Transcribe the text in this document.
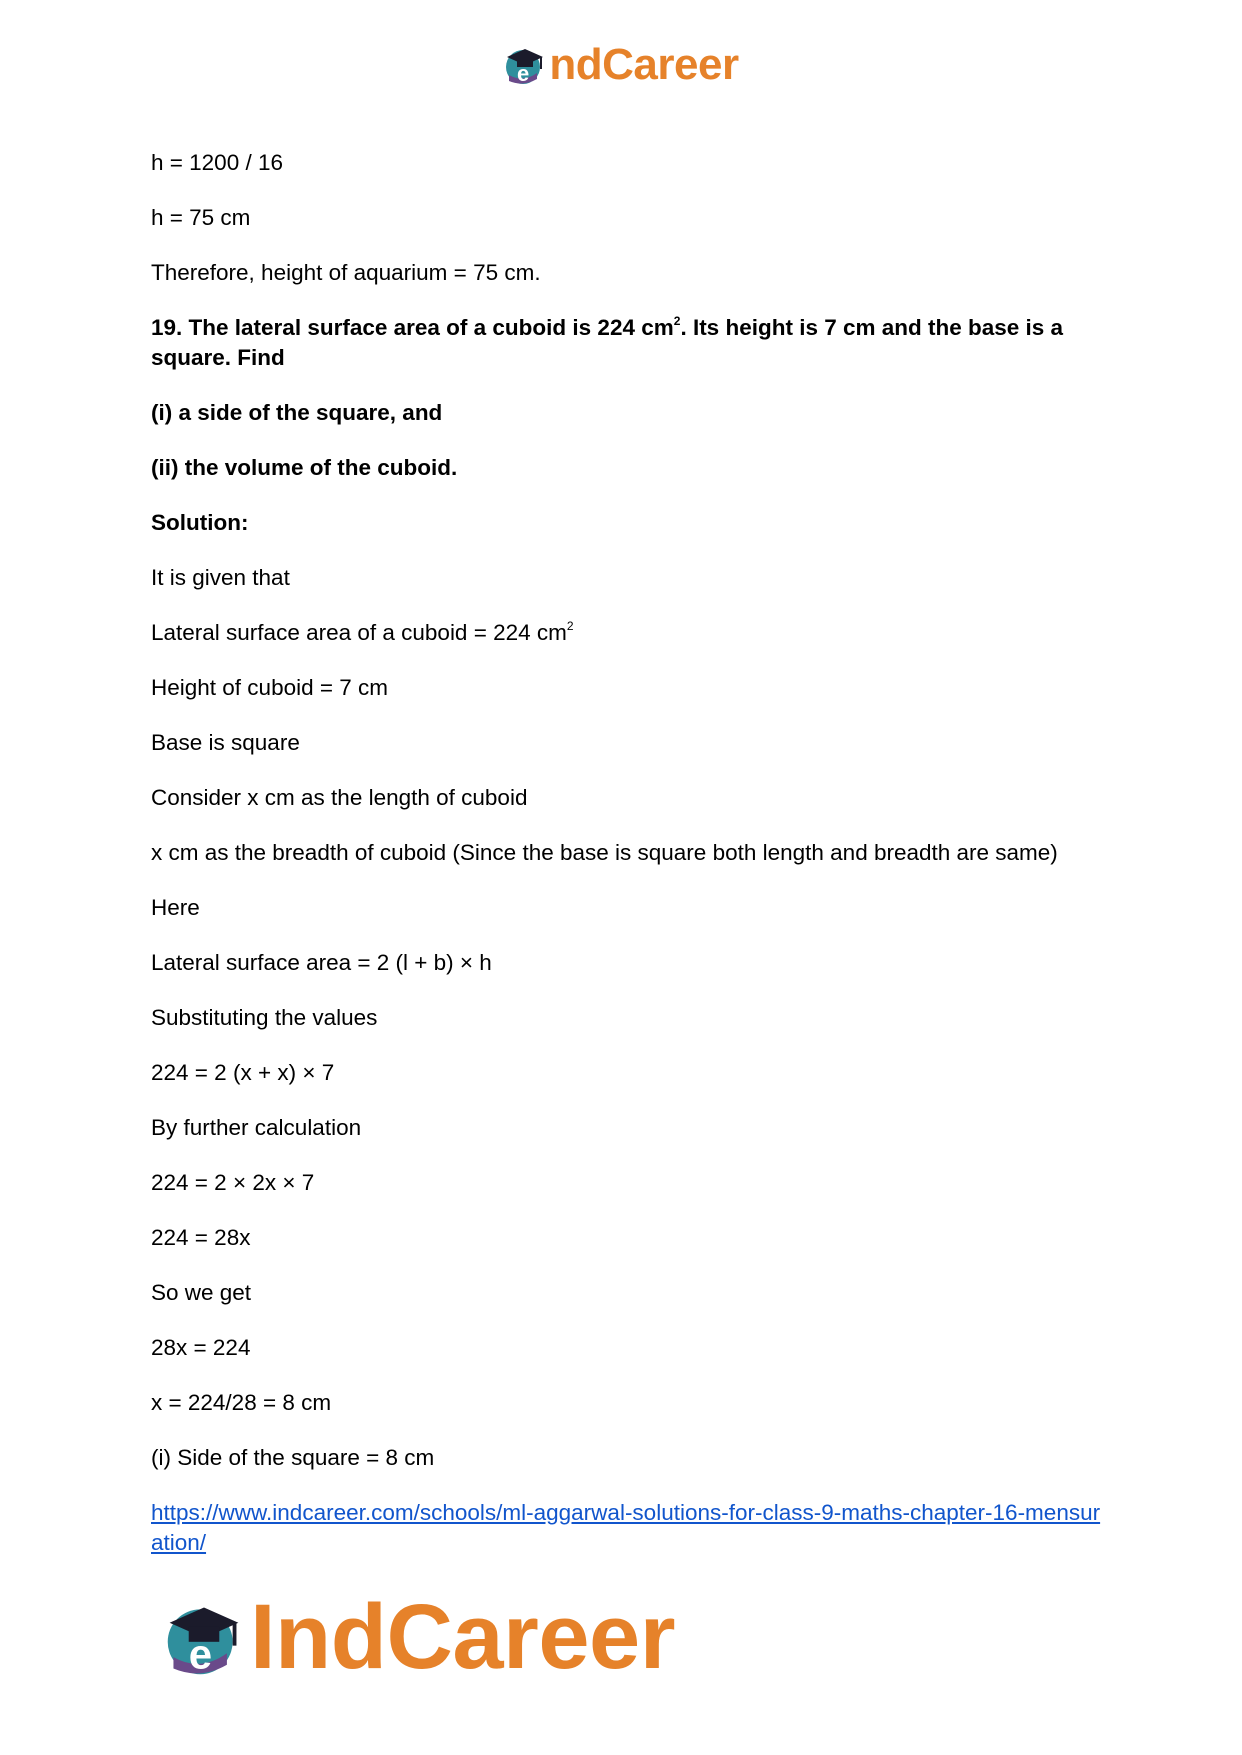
e ndCareer

h = 1200 / 16

h = 75 cm

Therefore, height of aquarium = 75 cm.

19. The lateral surface area of a cuboid is 224 $cm^2$. Its height is 7 cm and the base is a square. Find

(i) a side of the square, and

(ii) the volume of the cuboid.

Solution:

It is given that

Lateral surface area of a cuboid = 224 $cm^2$

Height of cuboid = 7 cm

Base is square

Consider x cm as the length of cuboid

x cm as the breadth of cuboid (Since the base is square both length and breadth are same)

Here

Lateral surface area = 2 (l + b) × h

Substituting the values

224 = 2 (x + x) × 7

By further calculation

224 = 2 × 2x × 7

224 = 28x

So we get

28x = 224

x = 224/28 = 8 cm

(i) Side of the square = 8 cm

https://www.indcareer.com/schools/ml-aggarwal-solutions-for-class-9-maths-chapter-16-mensuration/

e IndCareer
